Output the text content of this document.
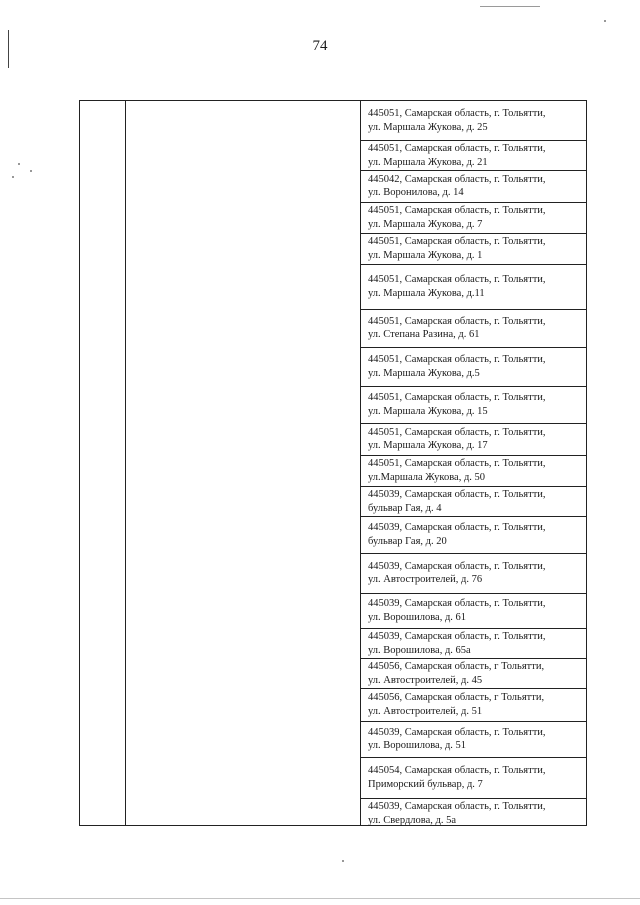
74
445051, Самарская область, г. Тольятти,
ул. Маршала Жукова, д. 25
445051, Самарская область, г. Тольятти,
ул. Маршала Жукова, д. 21
445042, Самарская область, г. Тольятти,
ул. Воронилова, д. 14
445051, Самарская область, г. Тольятти,
ул. Маршала Жукова, д. 7
445051, Самарская область, г. Тольятти,
ул. Маршала Жукова, д. 1
445051, Самарская область, г. Тольятти,
ул. Маршала Жукова, д.11
445051, Самарская область, г. Тольятти,
ул. Степана Разина, д. 61
445051, Самарская область, г. Тольятти,
ул. Маршала Жукова, д.5
445051, Самарская область, г. Тольятти,
ул. Маршала Жукова, д. 15
445051, Самарская область, г. Тольятти,
ул. Маршала Жукова, д. 17
445051, Самарская область, г. Тольятти,
ул.Маршала Жукова, д. 50
445039, Самарская область, г. Тольятти,
бульвар Гая, д. 4
445039, Самарская область, г. Тольятти,
бульвар Гая, д. 20
445039, Самарская область, г. Тольятти,
ул. Автостроителей, д. 76
445039, Самарская область, г. Тольятти,
ул. Ворошилова, д. 61
445039, Самарская область, г. Тольятти,
ул. Ворошилова, д. 65а
445056, Самарская область, г Тольятти,
ул. Автостроителей, д. 45
445056, Самарская область, г Тольятти,
ул. Автостроителей, д. 51
445039, Самарская область, г. Тольятти,
ул. Ворошилова, д. 51
445054, Самарская область, г. Тольятти,
Приморский бульвар, д. 7
445039, Самарская область, г. Тольятти,
ул. Свердлова, д. 5а
